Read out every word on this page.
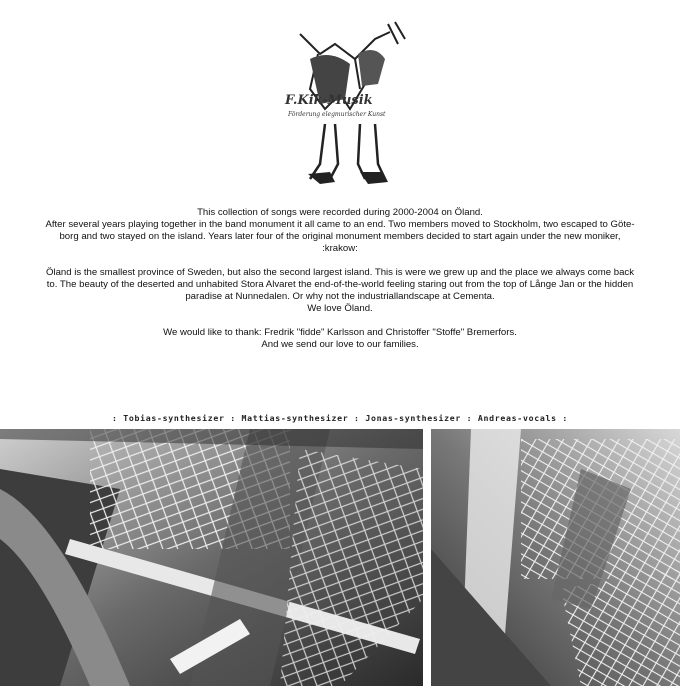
F.Kik-Musik
Förderung elegmurischer Kunst

This collection of songs were recorded during 2000-2004 on Öland.

After several years playing together in the band monument it all came to an end. Two members moved to Stockholm, two escaped to Göte-

borg and two stayed on the island. Years later four of the original monument members decided to start again under the new moniker,

:krakow:

Öland is the smallest province of Sweden, but also the second largest island. This is were we grew up and the place we always come back

to. The beauty of the deserted and unhabited Stora Alvaret the end-of-the-world feeling staring out from the top of Långe Jan or the hidden

paradise at Nunnedalen. Or why not the industriallandscape at Cementa.

We love Öland.

We would like to thank: Fredrik "fidde" Karlsson and Christoffer "Stoffe" Bremerfors.

And we send our love to our families.

: Tobias-synthesizer : Mattias-synthesizer : Jonas-synthesizer : Andreas-vocals :
